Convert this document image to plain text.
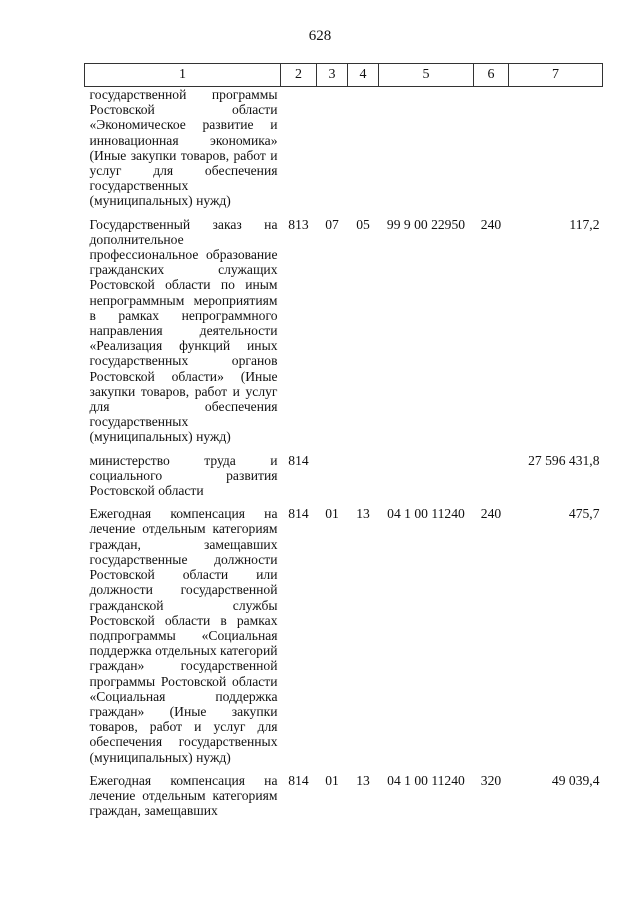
628
1	2	3	4	5	6	7
государственной программы Ростовской области «Экономическое развитие и инновационная экономика» (Иные закупки товаров, работ и услуг для обеспечения государственных (муниципальных) нужд)						
Государственный заказ на дополнительное профессиональное образование гражданских служащих Ростовской области по иным непрограммным мероприятиям в рамках непрограммного направления деятельности «Реализация функций иных государственных органов Ростовской области» (Иные закупки товаров, работ и услуг для обеспечения государственных (муниципальных) нужд)	813	07	05	99 9 00 22950	240	117,2
министерство труда и социального развития Ростовской области	814					27 596 431,8
Ежегодная компенсация на лечение отдельным категориям граждан, замещавших государственные должности Ростовской области или должности государственной гражданской службы Ростовской области в рамках подпрограммы «Социальная поддержка отдельных категорий граждан» государственной программы Ростовской области «Социальная поддержка граждан» (Иные закупки товаров, работ и услуг для обеспечения государственных (муниципальных) нужд)	814	01	13	04 1 00 11240	240	475,7
Ежегодная компенсация на лечение отдельным категориям граждан, замещавших	814	01	13	04 1 00 11240	320	49 039,4
